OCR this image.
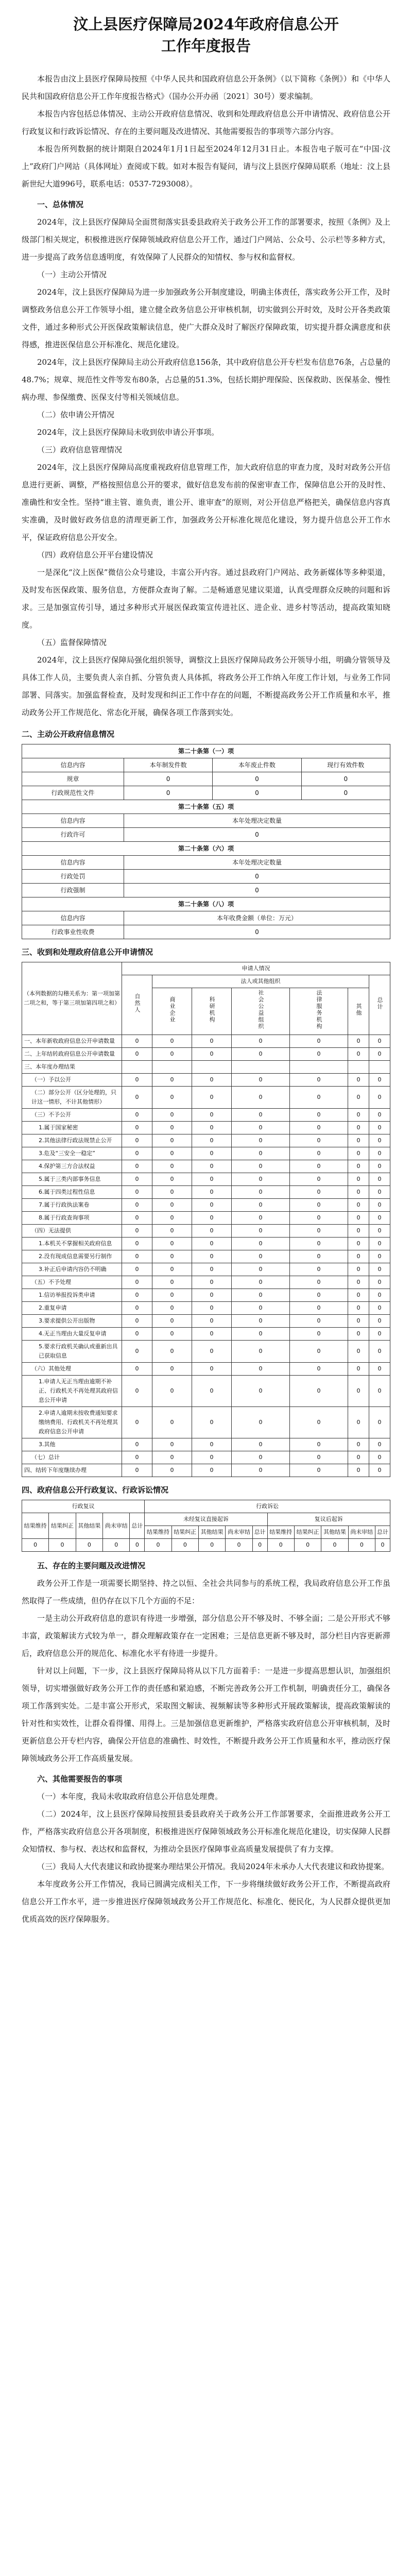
汶上县医疗保障局2024年政府信息公开
工作年度报告

本报告由汶上县医疗保障局按照《中华人民共和国政府信息公开条例》（以下简称《条例》）和《中华人民共和国政府信息公开工作年度报告格式》（国办公开办函〔2021〕30号）要求编制。

本报告内容包括总体情况、主动公开政府信息情况、收到和处理政府信息公开申请情况、政府信息公开行政复议和行政诉讼情况、存在的主要问题及改进情况、其他需要报告的事项等六部分内容。

本报告所列数据的统计期限自2024年1月1日起至2024年12月31日止。本报告电子版可在“中国·汶上”政府门户网站（具体网址）查阅或下载。如对本报告有疑问，请与汶上县医疗保障局联系（地址：汶上县新世纪大道996号，联系电话：0537-7293008）。

一、总体情况

2024年，汶上县医疗保障局全面贯彻落实县委县政府关于政务公开工作的部署要求，按照《条例》及上级部门相关规定，积极推进医疗保障领域政府信息公开工作，通过门户网站、公众号、公示栏等多种方式，进一步提高了政务信息透明度，有效保障了人民群众的知情权、参与权和监督权。

（一）主动公开情况

2024年，汶上县医疗保障局为进一步加强政务公开制度建设，明确主体责任，落实政务公开工作，及时调整政务信息公开工作领导小组，建立健全政务信息公开审核机制，切实做到公开时效，及时公开各类政策文件，通过多种形式公开医保政策解读信息，使广大群众及时了解医疗保障政策，切实提升群众满意度和获得感，推进医保信息公开标准化、规范化建设。

2024年，汶上县医疗保障局主动公开政府信息156条，其中政府信息公开专栏发布信息76条，占总量的48.7%；规章、规范性文件等发布80条，占总量的51.3%，包括长期护理保险、医保救助、医保基金、慢性病办理、参保缴费、医保支付等相关领域信息。

（二）依申请公开情况

2024年，汶上县医疗保障局未收到依申请公开事项。

（三）政府信息管理情况

2024年，汶上县医疗保障局高度重视政府信息管理工作，加大政府信息的审查力度，及时对政务公开信息进行更新、调整，严格按照信息公开的要求，做好信息发布前的保密审查工作，保障信息公开的及时性、准确性和安全性。坚持“谁主管、谁负责，谁公开、谁审查”的原则，对公开信息严格把关，确保信息内容真实准确，及时做好政务信息的清理更新工作，加强政务公开标准化规范化建设，努力提升信息公开工作水平，保证政府信息公开安全。

（四）政府信息公开平台建设情况

一是深化“汶上医保”微信公众号建设，丰富公开内容。通过县政府门户网站、政务新媒体等多种渠道，及时发布医保政策、服务信息，方便群众查询了解。二是畅通意见建议渠道，认真受理群众反映的问题和诉求。三是加强宣传引导，通过多种形式开展医保政策宣传进社区、进企业、进乡村等活动，提高政策知晓度。

（五）监督保障情况

2024年，汶上县医疗保障局强化组织领导，调整汶上县医疗保障局政务公开领导小组，明确分管领导及具体工作人员，主要负责人亲自抓、分管负责人具体抓，将政务公开工作纳入年度工作计划，与业务工作同部署、同落实。加强监督检查，及时发现和纠正工作中存在的问题，不断提高政务公开工作质量和水平，推动政务公开工作规范化、常态化开展，确保各项工作落到实处。

二、主动公开政府信息情况

第二十条第（一）项			
信息内容	本年制发件数	本年废止件数	现行有效件数
规章	0	0	0
行政规范性文件	0	0	0
第二十条第（五）项			
信息内容	本年处理决定数量		
行政许可	0		
第二十条第（六）项			
信息内容	本年处理决定数量		
行政处罚	0		
行政强制	0		
第二十条第（八）项			
信息内容	本年收费金额（单位：万元）		
行政事业性收费	0		

三、收到和处理政府信息公开申请情况

（本列数据的勾稽关系为：第一项加第二项之和，等于第三项加第四项之和）	申请人情况						
	自然人	法人或其他组织					总计
		商业企业	科研机构	社会公益组织	法律服务机构	其他	
一、本年新收政府信息公开申请数量	0	0	0	0	0	0	0
二、上年结转政府信息公开申请数量	0	0	0	0	0	0	0
三、本年度办理结果							
（一）予以公开	0	0	0	0	0	0	0
（二）部分公开（区分处理的，只计这一情形，不计其他情形）	0	0	0	0	0	0	0
（三）不予公开	0	0	0	0	0	0	0
1.属于国家秘密	0	0	0	0	0	0	0
2.其他法律行政法规禁止公开	0	0	0	0	0	0	0
3.危及“三安全一稳定”	0	0	0	0	0	0	0
4.保护第三方合法权益	0	0	0	0	0	0	0
5.属于三类内部事务信息	0	0	0	0	0	0	0
6.属于四类过程性信息	0	0	0	0	0	0	0
7.属于行政执法案卷	0	0	0	0	0	0	0
8.属于行政查询事项	0	0	0	0	0	0	0
（四）无法提供	0	0	0	0	0	0	0
1.本机关不掌握相关政府信息	0	0	0	0	0	0	0
2.没有现成信息需要另行制作	0	0	0	0	0	0	0
3.补正后申请内容仍不明确	0	0	0	0	0	0	0
（五）不予处理	0	0	0	0	0	0	0
1.信访举报投诉类申请	0	0	0	0	0	0	0
2.重复申请	0	0	0	0	0	0	0
3.要求提供公开出版物	0	0	0	0	0	0	0
4.无正当理由大量反复申请	0	0	0	0	0	0	0
5.要求行政机关确认或重新出具已获取信息	0	0	0	0	0	0	0
（六）其他处理	0	0	0	0	0	0	0
1.申请人无正当理由逾期不补正、行政机关不再处理其政府信息公开申请	0	0	0	0	0	0	0
2.申请人逾期未按收费通知要求缴纳费用、行政机关不再处理其政府信息公开申请	0	0	0	0	0	0	0
3.其他	0	0	0	0	0	0	0
（七）总计	0	0	0	0	0	0	0
四、结转下年度继续办理	0	0	0	0	0	0	0

四、政府信息公开行政复议、行政诉讼情况

行政复议					行政诉讼									
结果维持	结果纠正	其他结果	尚未审结	总计	未经复议直接起诉					复议后起诉				
					结果维持	结果纠正	其他结果	尚未审结	总计	结果维持	结果纠正	其他结果	尚未审结	总计
0	0	0	0	0	0	0	0	0	0	0	0	0	0	0

五、存在的主要问题及改进情况

政务公开工作是一项需要长期坚持、持之以恒、全社会共同参与的系统工程，我局政府信息公开工作虽然取得了一些成绩，但仍存在以下几个方面的不足：

一是主动公开政府信息的意识有待进一步增强，部分信息公开不够及时、不够全面；二是公开形式不够丰富，政策解读方式较为单一，群众理解政策存在一定困难；三是信息更新不够及时，部分栏目内容更新滞后，政府信息公开的规范化、标准化水平有待进一步提升。

针对以上问题，下一步，汶上县医疗保障局将从以下几方面着手：一是进一步提高思想认识，加强组织领导，切实增强做好政务公开工作的责任感和紧迫感，不断完善政务公开工作机制，明确责任分工，确保各项工作落到实处。二是丰富公开形式，采取图文解读、视频解读等多种形式开展政策解读，提高政策解读的针对性和实效性，让群众看得懂、用得上。三是加强信息更新维护，严格落实政府信息公开审核机制，及时更新信息公开专栏内容，确保公开信息的准确性、时效性，不断提升政务公开工作质量和水平，推动医疗保障领域政务公开工作高质量发展。

六、其他需要报告的事项

（一）本年度，我局未收取政府信息公开信息处理费。

（二）2024年，汶上县医疗保障局按照县委县政府关于政务公开工作部署要求，全面推进政务公开工作，严格落实政府信息公开各项制度，积极推进医疗保障领域政务公开标准化规范化建设，切实保障人民群众知情权、参与权、表达权和监督权，为推动全县医疗保障事业高质量发展提供了有力支撑。

（三）我局人大代表建议和政协提案办理结果公开情况。我局2024年未承办人大代表建议和政协提案。

本年度政务公开工作情况，我局已圆满完成相关工作，下一步将继续做好政务公开工作，不断提高政府信息公开工作水平，进一步推进医疗保障领域政务公开工作规范化、标准化、便民化，为人民群众提供更加优质高效的医疗保障服务。
